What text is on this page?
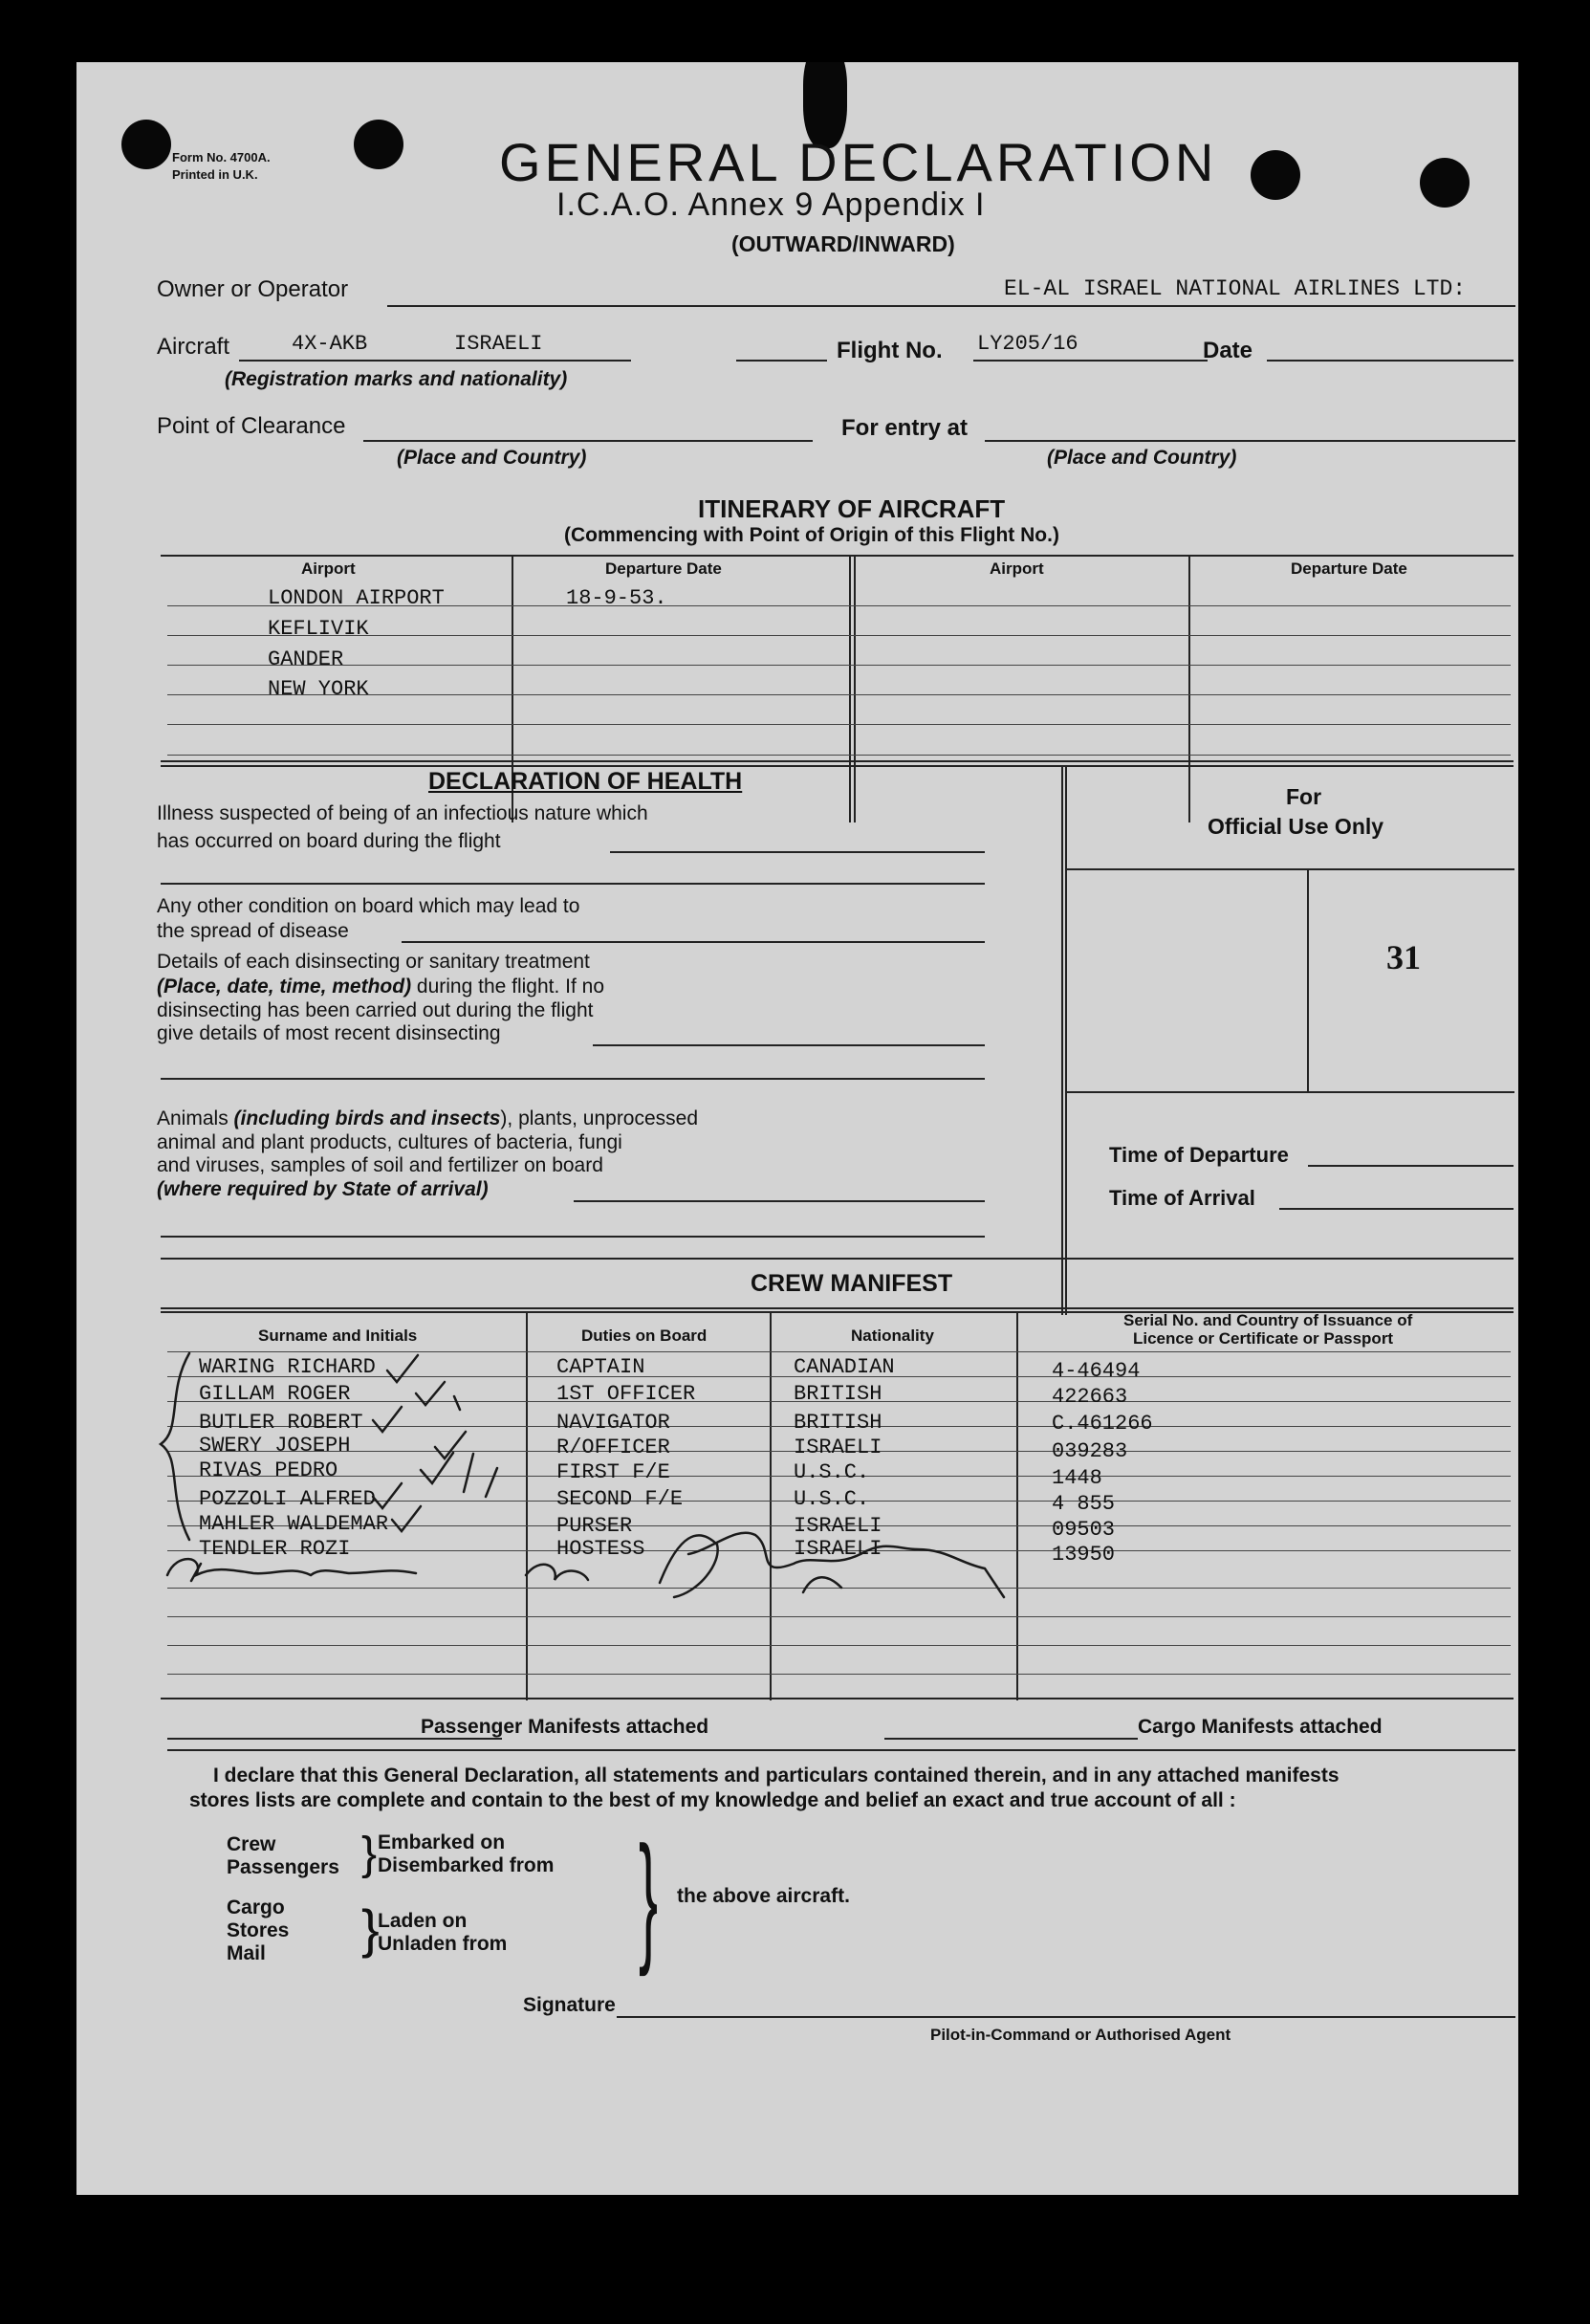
Form No. 4700A.
Printed in U.K.	GENERAL DECLARATION
I.C.A.O. Annex 9 Appendix I
(OUTWARD/INWARD)
Owner or Operator	EL-AL ISRAEL NATIONAL AIRLINES LTD:
Aircraft	4X-AKB	ISRAELI
(Registration marks and nationality)
Flight No. LY205/16	Date
Point of Clearance
(Place and Country)
For entry at
(Place and Country)
ITINERARY OF AIRCRAFT
(Commencing with Point of Origin of this Flight No.)
Airport	Departure Date	Airport	Departure Date
LONDON AIRPORT	18-9-53.
KEFLIVIK
GANDER
NEW YORK
DECLARATION OF HEALTH
Illness suspected of being of an infectious nature which
has occurred on board during the flight
Any other condition on board which may lead to
the spread of disease
Details of each disinsecting or sanitary treatment
(Place, date, time, method) during the flight. If no
disinsecting has been carried out during the flight
give details of most recent disinsecting
Animals (including birds and insects), plants, unprocessed
animal and plant products, cultures of bacteria, fungi
and viruses, samples of soil and fertilizer on board
(where required by State of arrival)
For
Official Use Only
31
Time of Departure
Time of Arrival
CREW MANIFEST
Surname and Initials	Duties on Board	Nationality
Serial No. and Country of Issuance of
Licence or Certificate or Passport
WARING RICHARD	CAPTAIN	CANADIAN	4-46494
GILLAM ROGER	1ST OFFICER	BRITISH	422663
BUTLER ROBERT	NAVIGATOR	BRITISH	C.461266
SWERY JOSEPH	R/OFFICER	ISRAELI	039283
RIVAS PEDRO	FIRST F/E	U.S.C.	1448
POZZOLI ALFRED	SECOND F/E	U.S.C.	4 855
MAHLER WALDEMAR	PURSER	ISRAELI	09503
TENDLER ROZI	HOSTESS	ISRAELI	13950
Passenger Manifests attached	Cargo Manifests attached
I declare that this General Declaration, all statements and particulars contained therein, and in any attached manifests
stores lists are complete and contain to the best of my knowledge and belief an exact and true account of all :
Crew
Passengers } Embarked on
Disembarked from
Cargo
Stores
Mail }
Laden on
Unladen from } the above aircraft.
Signature
Pilot-in-Command or Authorised Agent
